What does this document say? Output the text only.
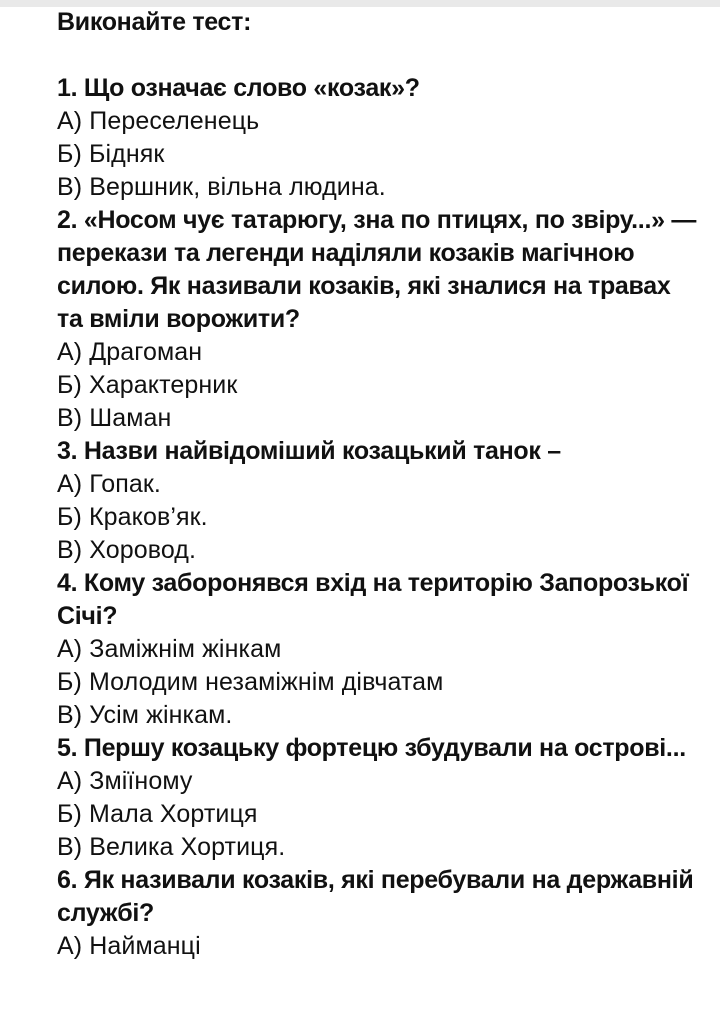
Виконайте тест:
1. Що означає слово «козак»?
А) Переселенець
Б) Бідняк
В) Вершник, вільна людина.
2. «Носом чує татарюгу, зна по птицях, по звіру...» — перекази та легенди наділяли козаків магічною силою. Як називали козаків, які зналися на травах та вміли ворожити?
А) Драгоман
Б) Характерник
В) Шаман
3. Назви найвідоміший козацький танок –
А) Гопак.
Б) Краков’як.
В) Хоровод.
4. Кому заборонявся вхід на територію Запорозької Січі?
А) Заміжнім жінкам
Б) Молодим незаміжнім дівчатам
В) Усім жінкам.
5. Першу козацьку фортецю збудували на острові...
А) Зміїному
Б) Мала Хортиця
В) Велика Хортиця.
6. Як називали козаків, які перебували на державній службі?
А) Найманці
